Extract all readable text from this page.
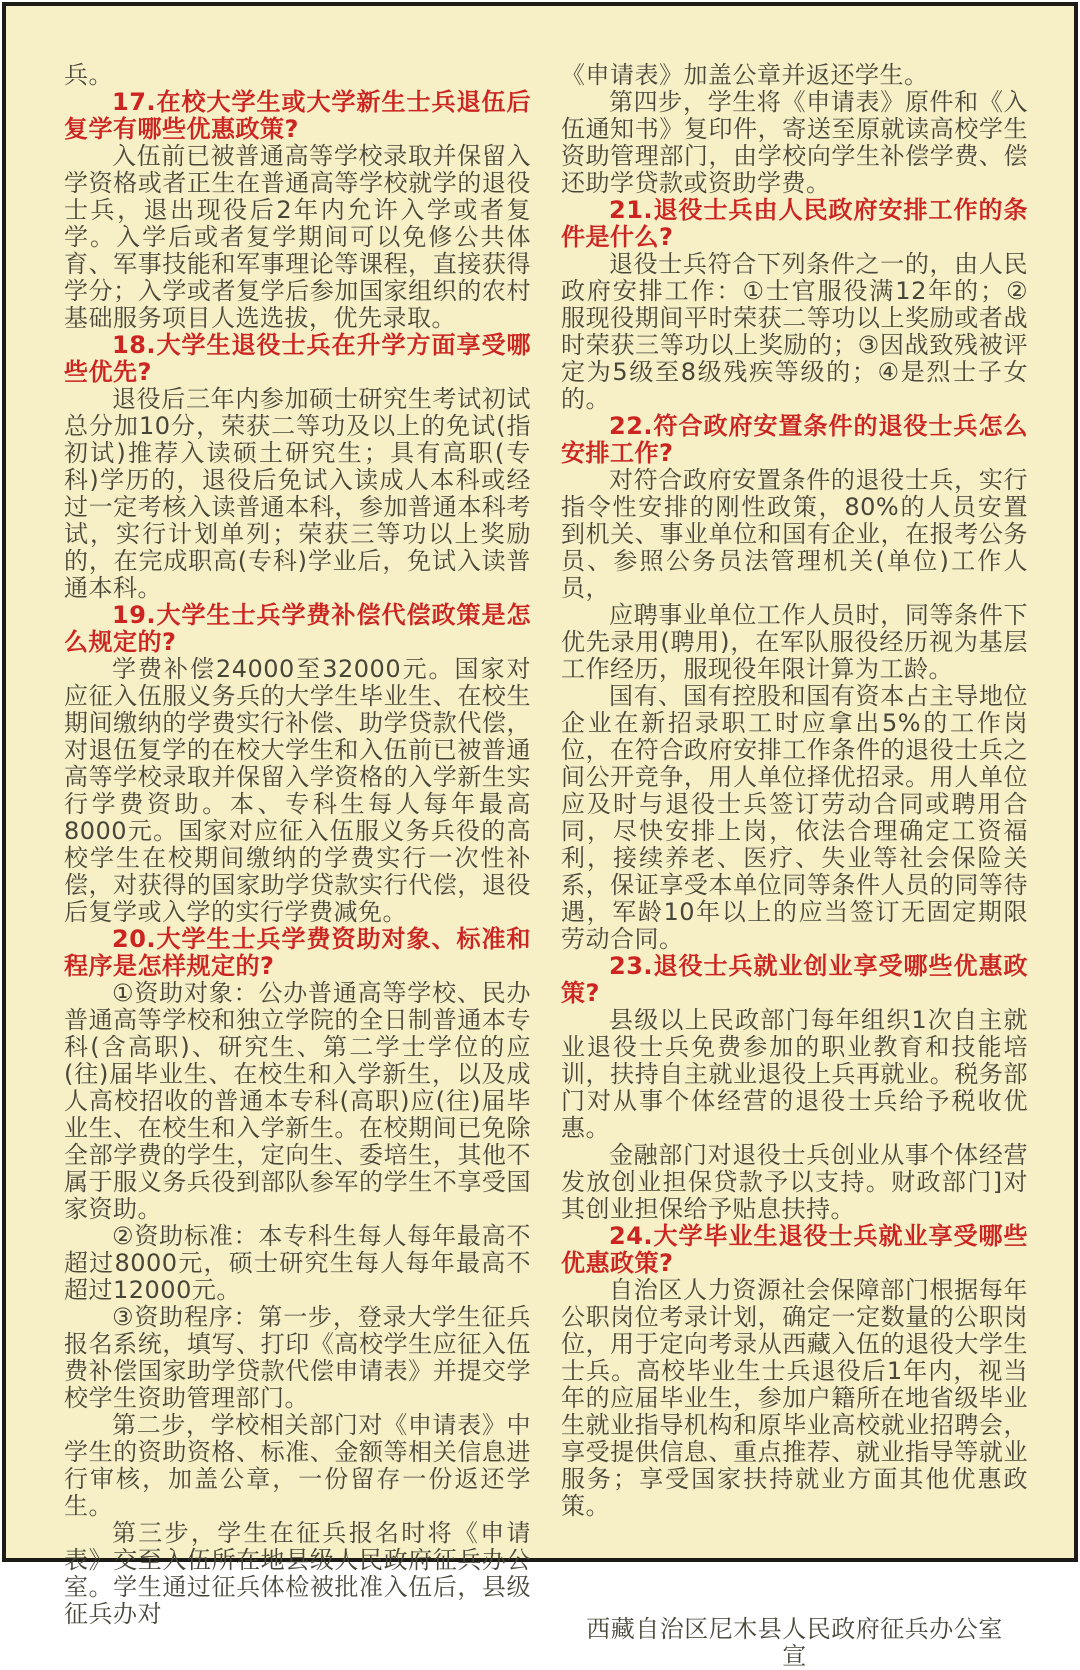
兵。

17.在校大学生或大学新生士兵退伍后复学有哪些优惠政策?

入伍前已被普通高等学校录取并保留入学资格或者正生在普通高等学校就学的退役士兵，退出现役后2年内允许入学或者复学。入学后或者复学期间可以免修公共体育、军事技能和军事理论等课程，直接获得学分；入学或者复学后参加国家组织的农村基础服务项目人选选拔，优先录取。

18.大学生退役士兵在升学方面享受哪些优先?

退役后三年内参加硕士研究生考试初试总分加10分，荣获二等功及以上的免试(指初试)推荐入读硕土研究生；具有高职(专科)学历的，退役后免试入读成人本科或经过一定考核入读普通本科，参加普通本科考试，实行计划单列；荣获三等功以上奖励的，在完成职高(专科)学业后，免试入读普通本科。

19.大学生士兵学费补偿代偿政策是怎么规定的?

学费补偿24000至32000元。国家对应征入伍服义务兵的大学生毕业生、在校生期间缴纳的学费实行补偿、助学贷款代偿，对退伍复学的在校大学生和入伍前已被普通高等学校录取并保留入学资格的入学新生实行学费资助。本、专科生每人每年最高8000元。国家对应征入伍服义务兵役的高校学生在校期间缴纳的学费实行一次性补偿，对获得的国家助学贷款实行代偿，退役后复学或入学的实行学费减免。

20.大学生士兵学费资助对象、标准和程序是怎样规定的?

①资助对象：公办普通高等学校、民办普通高等学校和独立学院的全日制普通本专科(含高职)、研究生、第二学士学位的应(往)届毕业生、在校生和入学新生，以及成人高校招收的普通本专科(高职)应(往)届毕业生、在校生和入学新生。在校期间已免除全部学费的学生，定向生、委培生，其他不属于服义务兵役到部队参军的学生不享受国家资助。

②资助标准：本专科生每人每年最高不超过8000元，硕士研究生每人每年最高不超过12000元。

③资助程序：第一步，登录大学生征兵报名系统，填写、打印《高校学生应征入伍费补偿国家助学贷款代偿申请表》并提交学校学生资助管理部门。

第二步，学校相关部门对《申请表》中学生的资助资格、标准、金额等相关信息进行审核，加盖公章，一份留存一份返还学生。

第三步，学生在征兵报名时将《申请表》交至入伍所在地县级人民政府征兵办公室。学生通过征兵体检被批准入伍后，县级征兵办对

《申请表》加盖公章并返还学生。

第四步，学生将《申请表》原件和《入伍通知书》复印件，寄送至原就读高校学生资助管理部门，由学校向学生补偿学费、偿还助学贷款或资助学费。

21.退役士兵由人民政府安排工作的条件是什么?

退役士兵符合下列条件之一的，由人民政府安排工作：①士官服役满12年的；②服现役期间平时荣获二等功以上奖励或者战时荣获三等功以上奖励的；③因战致残被评定为5级至8级残疾等级的；④是烈士子女的。

22.符合政府安置条件的退役士兵怎么安排工作?

对符合政府安置条件的退役士兵，实行指令性安排的刚性政策，80%的人员安置到机关、事业单位和国有企业，在报考公务员、参照公务员法管理机关(单位)工作人员，

应聘事业单位工作人员时，同等条件下优先录用(聘用)，在军队服役经历视为基层工作经历，服现役年限计算为工龄。

国有、国有控股和国有资本占主导地位企业在新招录职工时应拿出5%的工作岗位，在符合政府安排工作条件的退役士兵之间公开竞争，用人单位择优招录。用人单位应及时与退役士兵签订劳动合同或聘用合同，尽快安排上岗，依法合理确定工资福利，接续养老、医疗、失业等社会保险关系，保证享受本单位同等条件人员的同等待遇，军龄10年以上的应当签订无固定期限劳动合同。

23.退役士兵就业创业享受哪些优惠政策?

县级以上民政部门每年组织1次自主就业退役士兵免费参加的职业教育和技能培训，扶持自主就业退役上兵再就业。税务部门对从事个体经营的退役士兵给予税收优惠。

金融部门对退役士兵创业从事个体经营发放创业担保贷款予以支持。财政部门]对其创业担保给予贴息扶持。

24.大学毕业生退役士兵就业享受哪些优惠政策?

自治区人力资源社会保障部门根据每年公职岗位考录计划，确定一定数量的公职岗位，用于定向考录从西藏入伍的退役大学生士兵。高校毕业生士兵退役后1年内，视当年的应届毕业生，参加户籍所在地省级毕业生就业指导机构和原毕业高校就业招聘会，享受提供信息、重点推荐、就业指导等就业服务；享受国家扶持就业方面其他优惠政策。

西藏自治区尼木县人民政府征兵办公室　　宣
